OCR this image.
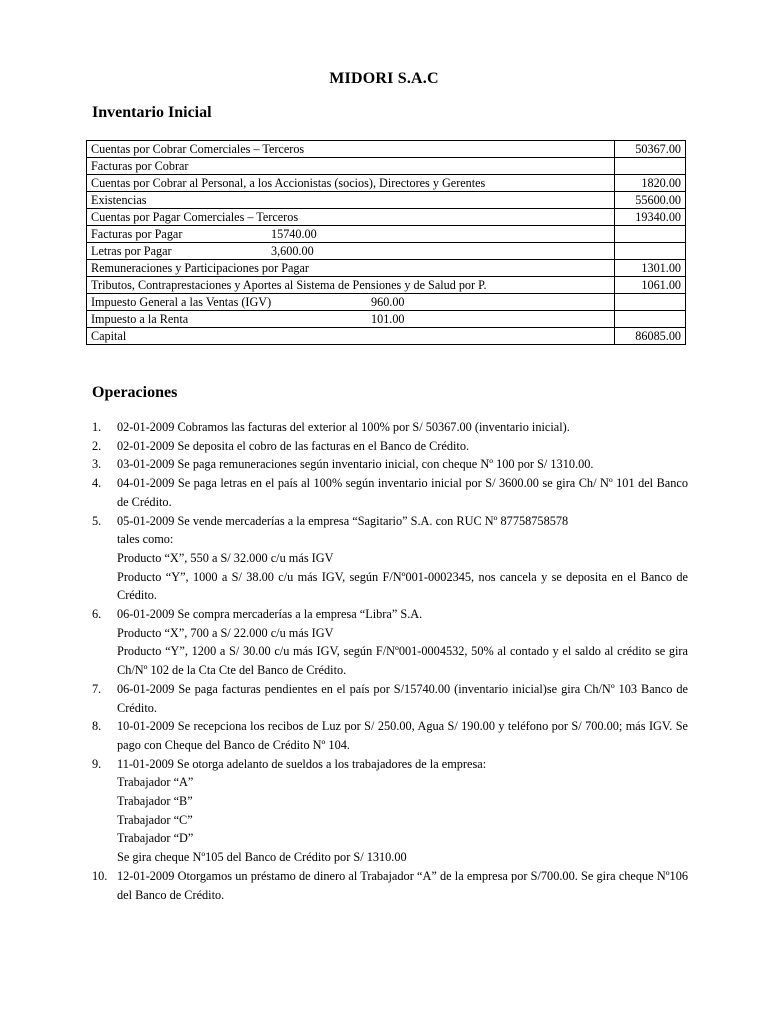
MIDORI S.A.C
Inventario Inicial
Cuentas por Cobrar Comerciales – Terceros	50367.00
Facturas por Cobrar	
Cuentas por Cobrar al Personal, a los Accionistas (socios), Directores y Gerentes	1820.00
Existencias	55600.00
Cuentas por Pagar Comerciales – Terceros	19340.00
Facturas por Pagar 15740.00	
Letras por Pagar 3,600.00	
Remuneraciones y Participaciones por Pagar	1301.00
Tributos, Contraprestaciones y Aportes al Sistema de Pensiones y de Salud por P.	1061.00
Impuesto General a las Ventas (IGV) 960.00	
Impuesto a la Renta 101.00	
Capital	86085.00
Operaciones
1. 02-01-2009 Cobramos las facturas del exterior al 100% por S/ 50367.00 (inventario inicial).
2. 02-01-2009 Se deposita el cobro de las facturas en el Banco de Crédito.
3. 03-01-2009 Se paga remuneraciones según inventario inicial, con cheque Nº 100 por S/ 1310.00.
4. 04-01-2009 Se paga letras en el país al 100% según inventario inicial por S/ 3600.00 se gira Ch/ Nº 101 del Banco de Crédito.
5. 05-01-2009 Se vende mercaderías a la empresa “Sagitario” S.A. con RUC Nº 87758758578
tales como:
Producto “X”, 550 a S/ 32.000 c/u más IGV
Producto “Y”, 1000 a S/ 38.00 c/u más IGV, según F/Nº001-0002345, nos cancela y se deposita en el Banco de Crédito.
6. 06-01-2009 Se compra mercaderías a la empresa “Libra” S.A.
Producto “X”, 700 a S/ 22.000 c/u más IGV
Producto “Y”, 1200 a S/ 30.00 c/u más IGV, según F/Nº001-0004532, 50% al contado y el saldo al crédito se gira Ch/Nº 102 de la Cta Cte del Banco de Crédito.
7. 06-01-2009 Se paga facturas pendientes en el país por S/15740.00 (inventario inicial)se gira Ch/Nº 103 Banco de Crédito.
8. 10-01-2009 Se recepciona los recibos de Luz por S/ 250.00, Agua S/ 190.00 y teléfono por S/ 700.00; más IGV. Se pago con Cheque del Banco de Crédito Nº 104.
9. 11-01-2009 Se otorga adelanto de sueldos a los trabajadores de la empresa:
Trabajador “A”
Trabajador “B”
Trabajador “C”
Trabajador “D”
Se gira cheque Nº105 del Banco de Crédito por S/ 1310.00
10. 12-01-2009 Otorgamos un préstamo de dinero al Trabajador “A” de la empresa por S/700.00. Se gira cheque Nº106 del Banco de Crédito.
